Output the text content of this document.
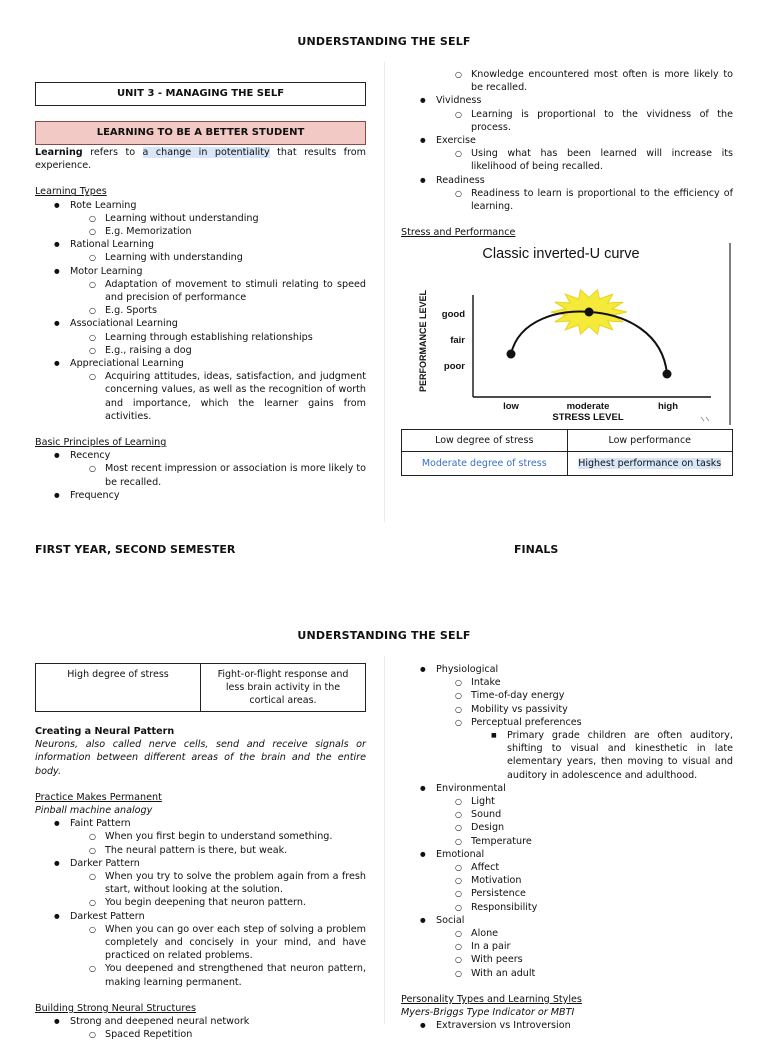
UNDERSTANDING THE SELF
UNIT 3 - MANAGING THE SELF
LEARNING TO BE A BETTER STUDENT
Learning refers to a change in potentiality that results from experience.
Learning Types
● Rote Learning
○ Learning without understanding
○ E.g. Memorization
● Rational Learning
○ Learning with understanding
● Motor Learning
○ Adaptation of movement to stimuli relating to speed and precision of performance
○ E.g. Sports
● Associational Learning
○ Learning through establishing relationships
○ E.g., raising a dog
● Appreciational Learning
○ Acquiring attitudes, ideas, satisfaction, and judgment concerning values, as well as the recognition of worth and importance, which the learner gains from activities.
Basic Principles of Learning
● Recency
○ Most recent impression or association is more likely to be recalled.
● Frequency
○ Knowledge encountered most often is more likely to be recalled.
● Vividness
○ Learning is proportional to the vividness of the process.
● Exercise
○ Using what has been learned will increase its likelihood of being recalled.
● Readiness
○ Readiness to learn is proportional to the efficiency of learning.
Stress and Performance
Classic inverted-U curve
PERFORMANCE LEVEL good
fair
poor
low	moderate	high
STRESS LEVEL
Low degree of stress	Low performance
Moderate degree of stress	Highest performance on tasks
FIRST YEAR, SECOND SEMESTER	FINALS
UNDERSTANDING THE SELF
High degree of stress	Fight-or-flight response and less brain activity in the cortical areas.
Creating a Neural Pattern
Neurons, also called nerve cells, send and receive signals or information between different areas of the brain and the entire body.
Practice Makes Permanent
Pinball machine analogy
● Faint Pattern
○ When you first begin to understand something.
○ The neural pattern is there, but weak.
● Darker Pattern
○ When you try to solve the problem again from a fresh start, without looking at the solution.
○ You begin deepening that neuron pattern.
● Darkest Pattern
○ When you can go over each step of solving a problem completely and concisely in your mind, and have practiced on related problems.
○ You deepened and strengthened that neuron pattern, making learning permanent.
Building Strong Neural Structures
● Strong and deepened neural network
○ Spaced Repetition
● Physiological
○ Intake
○ Time-of-day energy
○ Mobility vs passivity
○ Perceptual preferences
■ Primary grade children are often auditory, shifting to visual and kinesthetic in late elementary years, then moving to visual and auditory in adolescence and adulthood.
● Environmental
○ Light
○ Sound
○ Design
○ Temperature
● Emotional
○ Affect
○ Motivation
○ Persistence
○ Responsibility
● Social
○ Alone
○ In a pair
○ With peers
○ With an adult
Personality Types and Learning Styles
Myers-Briggs Type Indicator or MBTI
● Extraversion vs Introversion
